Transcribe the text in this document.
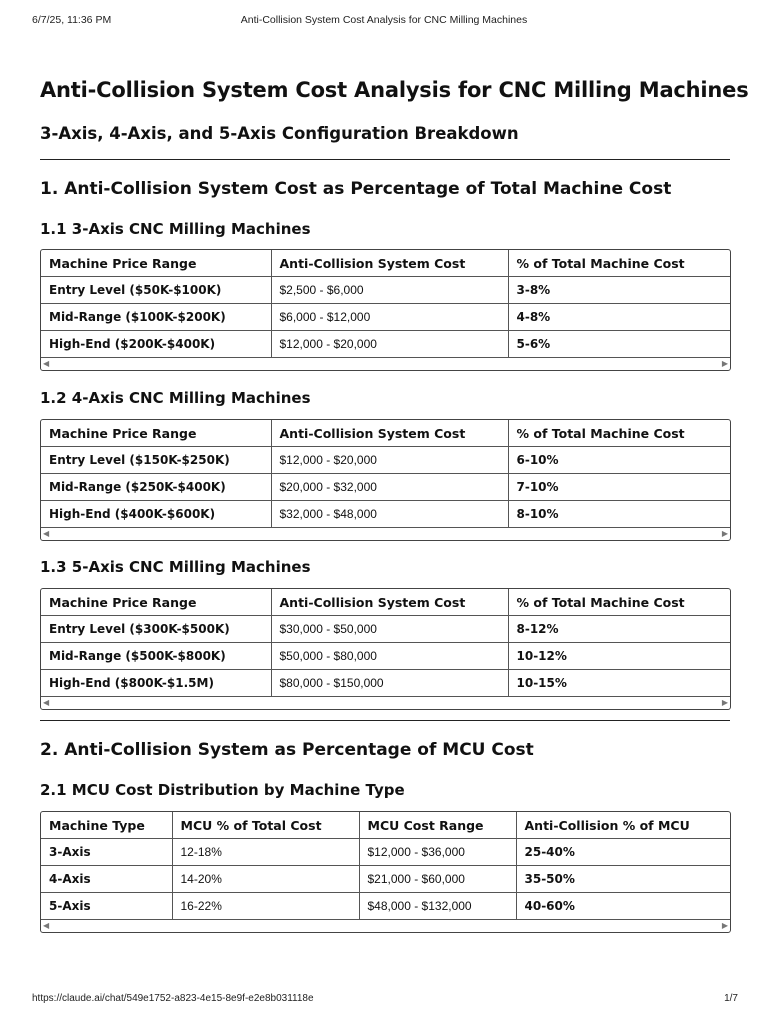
6/7/25, 11:36 PM	Anti-Collision System Cost Analysis for CNC Milling Machines
Anti-Collision System Cost Analysis for CNC Milling Machines
3-Axis, 4-Axis, and 5-Axis Configuration Breakdown
1. Anti-Collision System Cost as Percentage of Total Machine Cost
1.1 3-Axis CNC Milling Machines
Machine Price Range	Anti-Collision System Cost	% of Total Machine Cost
Entry Level ($50K-$100K)	$2,500 - $6,000	3-8%
Mid-Range ($100K-$200K)	$6,000 - $12,000	4-8%
High-End ($200K-$400K)	$12,000 - $20,000	5-6%
◀	▶
1.2 4-Axis CNC Milling Machines
Machine Price Range	Anti-Collision System Cost	% of Total Machine Cost
Entry Level ($150K-$250K)	$12,000 - $20,000	6-10%
Mid-Range ($250K-$400K)	$20,000 - $32,000	7-10%
High-End ($400K-$600K)	$32,000 - $48,000	8-10%
◀	▶
1.3 5-Axis CNC Milling Machines
Machine Price Range	Anti-Collision System Cost	% of Total Machine Cost
Entry Level ($300K-$500K)	$30,000 - $50,000	8-12%
Mid-Range ($500K-$800K)	$50,000 - $80,000	10-12%
High-End ($800K-$1.5M)	$80,000 - $150,000	10-15%
◀	▶
2. Anti-Collision System as Percentage of MCU Cost
2.1 MCU Cost Distribution by Machine Type
Machine Type	MCU % of Total Cost	MCU Cost Range	Anti-Collision % of MCU
3-Axis	12-18%	$12,000 - $36,000	25-40%
4-Axis	14-20%	$21,000 - $60,000	35-50%
5-Axis	16-22%	$48,000 - $132,000	40-60%
◀	▶
https://claude.ai/chat/549e1752-a823-4e15-8e9f-e2e8b031118e	1/7
